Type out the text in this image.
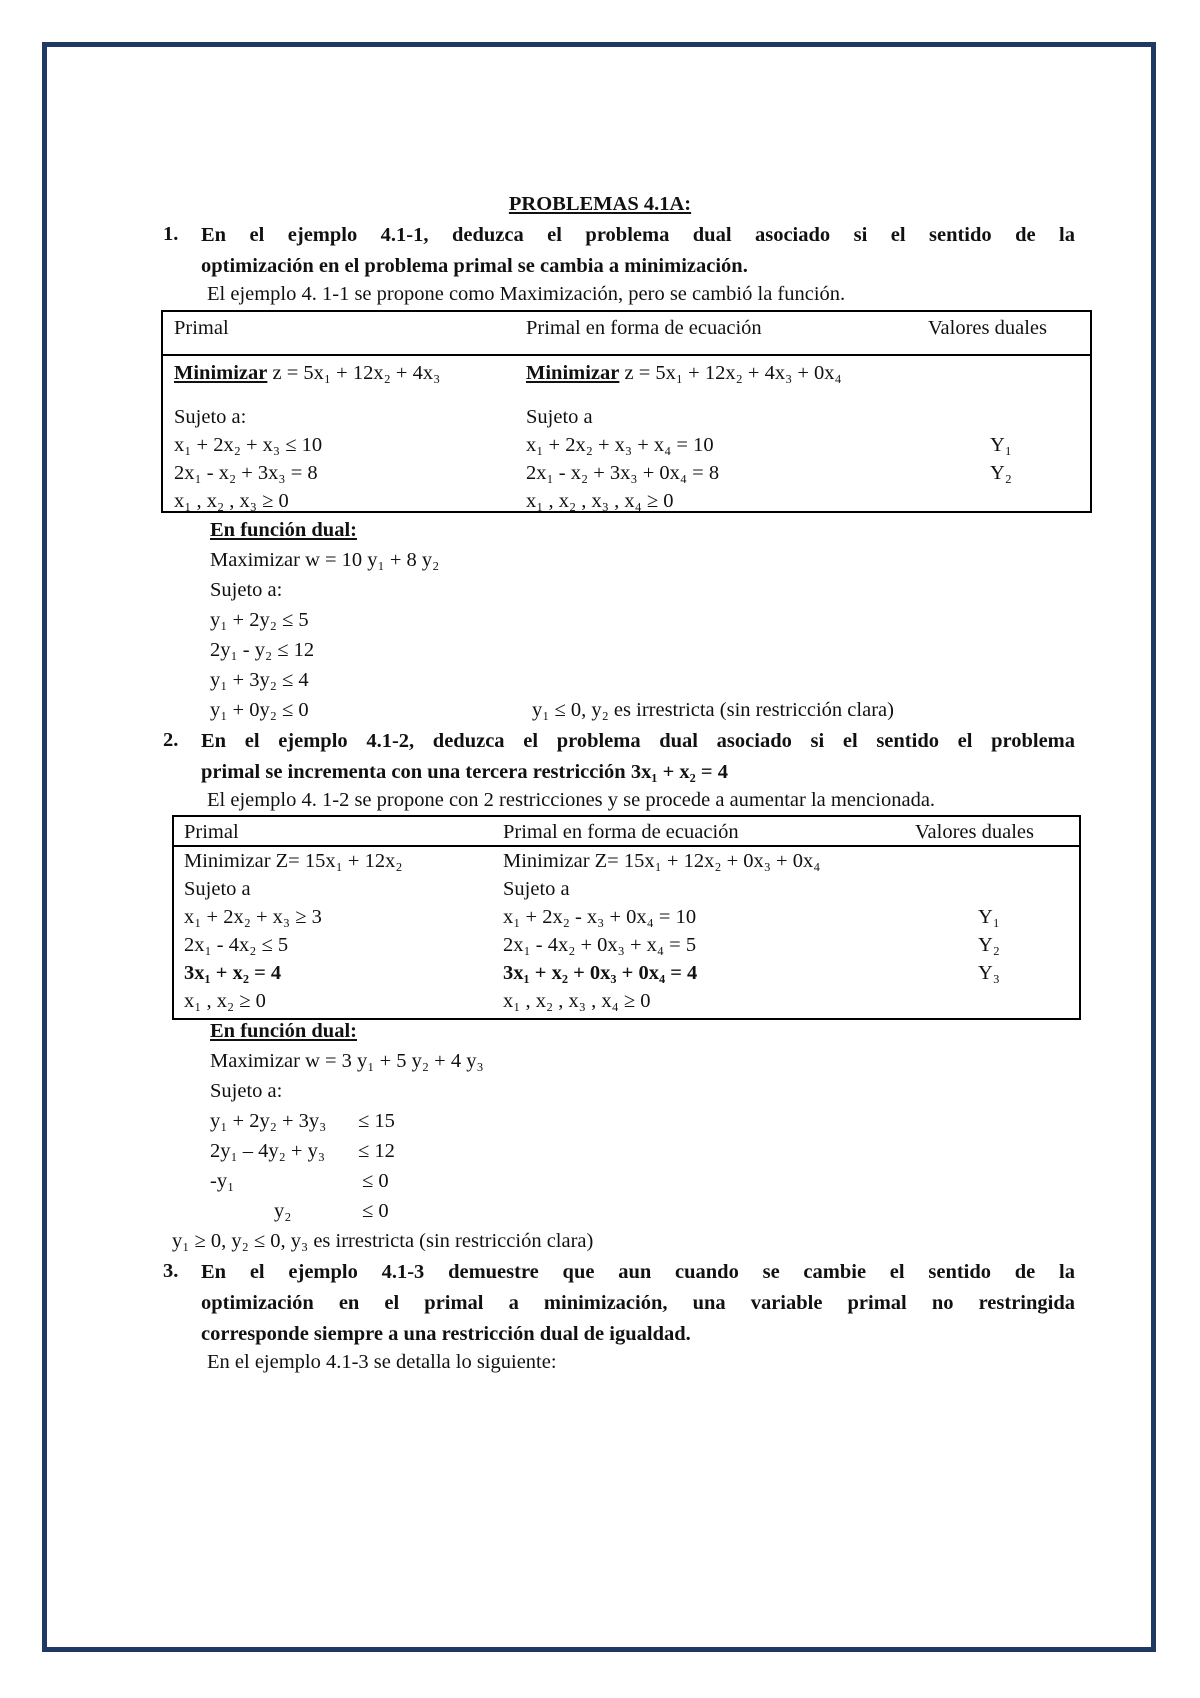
PROBLEMAS 4.1A:
1. En el ejemplo 4.1-1, deduzca el problema dual asociado si el sentido de la
optimización en el problema primal se cambia a minimización.
El ejemplo 4. 1-1 se propone como Maximización, pero se cambió la función.
Primal	Primal en forma de ecuación	Valores duales
Minimizar z = 5x₁ + 12x₂ + 4x₃	Minimizar z = 5x₁ + 12x₂ + 4x₃ + 0x₄
Sujeto a:	Sujeto a
x₁ + 2x₂ + x₃ ≤ 10	x₁ + 2x₂ + x₃ + x₄ = 10	Y₁
2x₁ - x₂ + 3x₃ = 8	2x₁ - x₂ + 3x₃ + 0x₄ = 8	Y₂
x₁ , x₂ , x₃ ≥ 0	x₁ , x₂ , x₃ , x₄ ≥ 0
En función dual:
Maximizar w = 10 y₁ + 8 y₂
Sujeto a:
y₁ + 2y₂ ≤ 5
2y₁ - y₂ ≤ 12
y₁ + 3y₂ ≤ 4
y₁ + 0y₂ ≤ 0	y₁ ≤ 0, y₂ es irrestricta (sin restricción clara)
2. En el ejemplo 4.1-2, deduzca el problema dual asociado si el sentido el problema
primal se incrementa con una tercera restricción 3x₁ + x₂ = 4
El ejemplo 4. 1-2 se propone con 2 restricciones y se procede a aumentar la mencionada.
Primal	Primal en forma de ecuación	Valores duales
Minimizar Z= 15x₁ + 12x₂	Minimizar Z= 15x₁ + 12x₂ + 0x₃ + 0x₄
Sujeto a	Sujeto a
x₁ + 2x₂ + x₃ ≥ 3	x₁ + 2x₂ - x₃ + 0x₄ = 10	Y₁
2x₁ - 4x₂ ≤ 5	2x₁ - 4x₂ + 0x₃ + x₄ = 5	Y₂
3x₁ + x₂ = 4	3x₁ + x₂ + 0x₃ + 0x₄ = 4	Y₃
x₁ , x₂ ≥ 0	x₁ , x₂ , x₃ , x₄ ≥ 0
En función dual:
Maximizar w = 3 y₁ + 5 y₂ + 4 y₃
Sujeto a:
y₁ + 2y₂ + 3y₃ ≤ 15
2y₁ – 4y₂ + y₃ ≤ 12
-y₁	≤ 0
y₂	≤ 0
y₁ ≥ 0, y₂ ≤ 0, y₃ es irrestricta (sin restricción clara)
3. En el ejemplo 4.1-3 demuestre que aun cuando se cambie el sentido de la
optimización en el primal a minimización, una variable primal no restringida
corresponde siempre a una restricción dual de igualdad.
En el ejemplo 4.1-3 se detalla lo siguiente:
